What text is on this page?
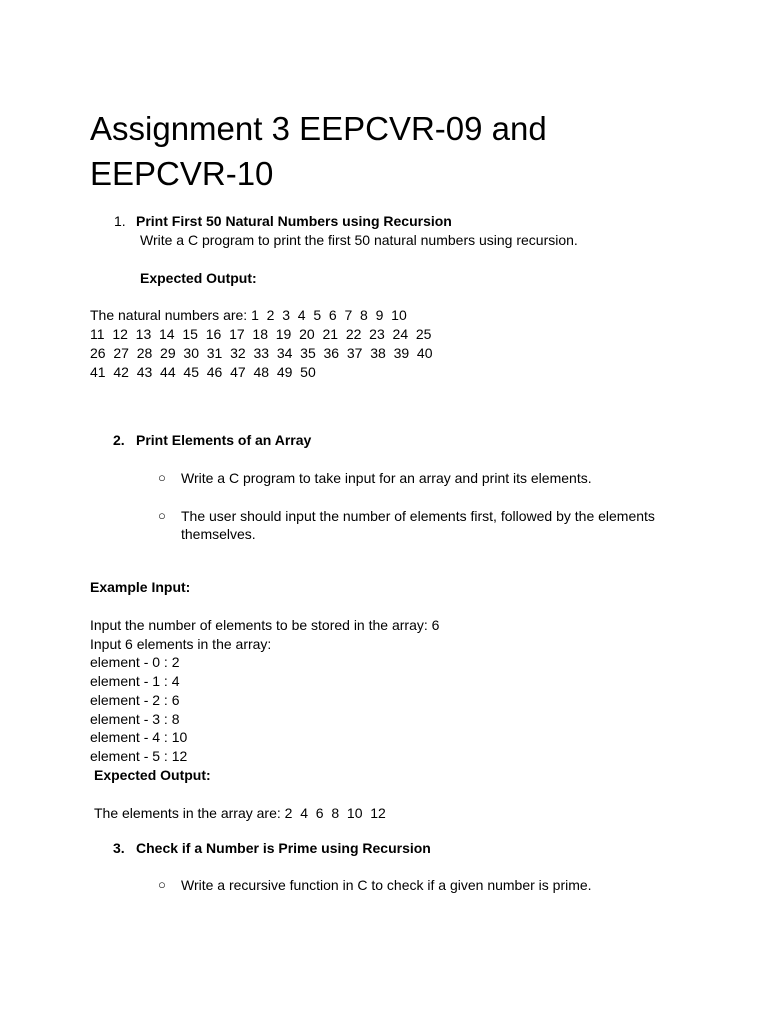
Assignment 3 EEPCVR-09 and EEPCVR-10
1. Print First 50 Natural Numbers using Recursion
Write a C program to print the first 50 natural numbers using recursion.
Expected Output:
The natural numbers are: 1  2  3  4  5  6  7  8  9  10
11  12  13  14  15  16  17  18  19  20  21  22  23  24  25
26  27  28  29  30  31  32  33  34  35  36  37  38  39  40
41  42  43  44  45  46  47  48  49  50
2. Print Elements of an Array
○ Write a C program to take input for an array and print its elements.
○ The user should input the number of elements first, followed by the elements
themselves.
Example Input:
Input the number of elements to be stored in the array: 6
Input 6 elements in the array:
element - 0 : 2
element - 1 : 4
element - 2 : 6
element - 3 : 8
element - 4 : 10
element - 5 : 12
Expected Output:
The elements in the array are: 2  4  6  8  10  12
3. Check if a Number is Prime using Recursion
○ Write a recursive function in C to check if a given number is prime.
